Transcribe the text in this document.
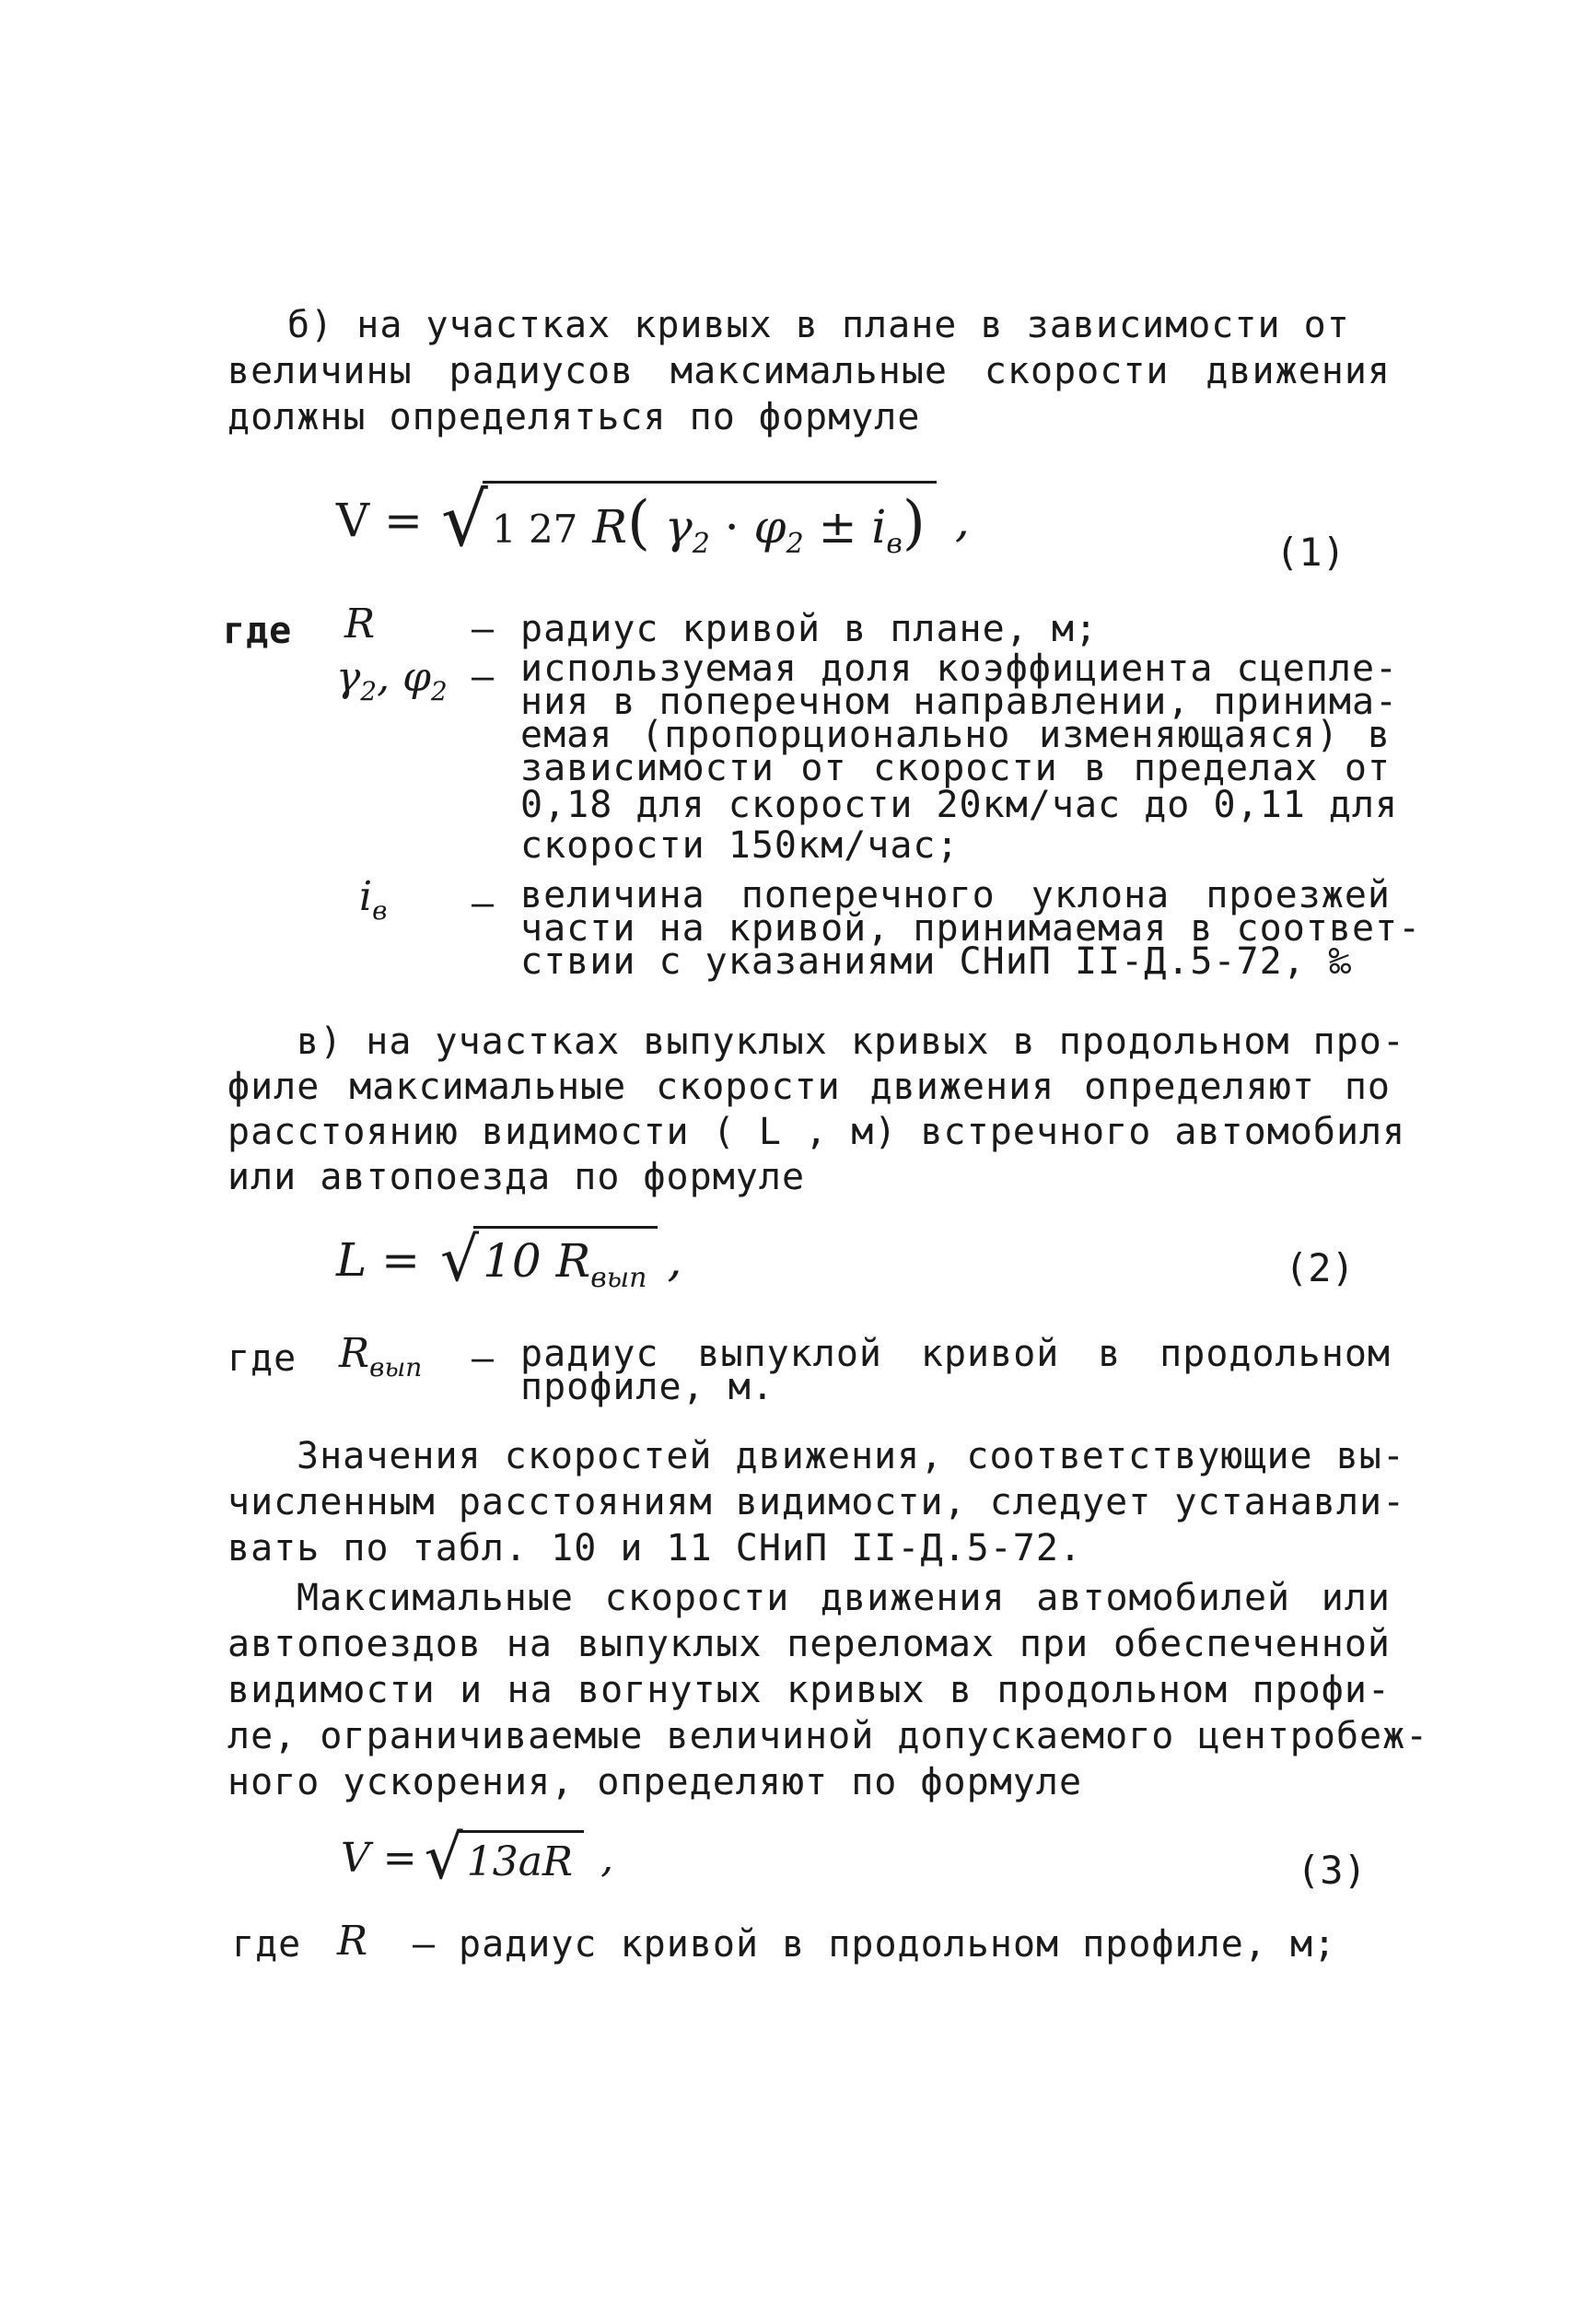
б) на участках кривых в плане в зависимости от
величины радиусов максимальные скорости движения
должны определяться по формуле
V = √ 1 27 R( $\gamma_2 \cdot \varphi_2 \pm i_в$) ,
(1)
где R	– радиус кривой в плане, м;
$\gamma_2$, $\varphi_2$ – используемая доля коэффициента сцепле-
ния в поперечном направлении, принима-
емая (пропорционально изменяющаяся) в
зависимости от скорости в пределах от
0,18 для скорости 20км/час до 0,11 для
скорости 150км/час;
$i_в$ – величина поперечного уклона проезжей
части на кривой, принимаемая в соответ-
ствии с указаниями СНиП II-Д.5-72, ‰
в) на участках выпуклых кривых в продольном про-
филе максимальные скорости движения определяют по
расстоянию видимости ( L , м) встречного автомобиля
или автопоезда по формуле
L = √ 10 $R_{вып}$ ,	(2)
где $R_{вып}$ – радиус выпуклой кривой в продольном
профиле, м.
Значения скоростей движения, соответствующие вы-
численным расстояниям видимости, следует устанавли-
вать по табл. 10 и 11 СНиП II-Д.5-72.
Максимальные скорости движения автомобилей или
автопоездов на выпуклых переломах при обеспеченной
видимости и на вогнутых кривых в продольном профи-
ле, ограничиваемые величиной допускаемого центробеж-
ного ускорения, определяют по формуле
V = √ 13aR ,	(3)
где R – радиус кривой в продольном профиле, м;
